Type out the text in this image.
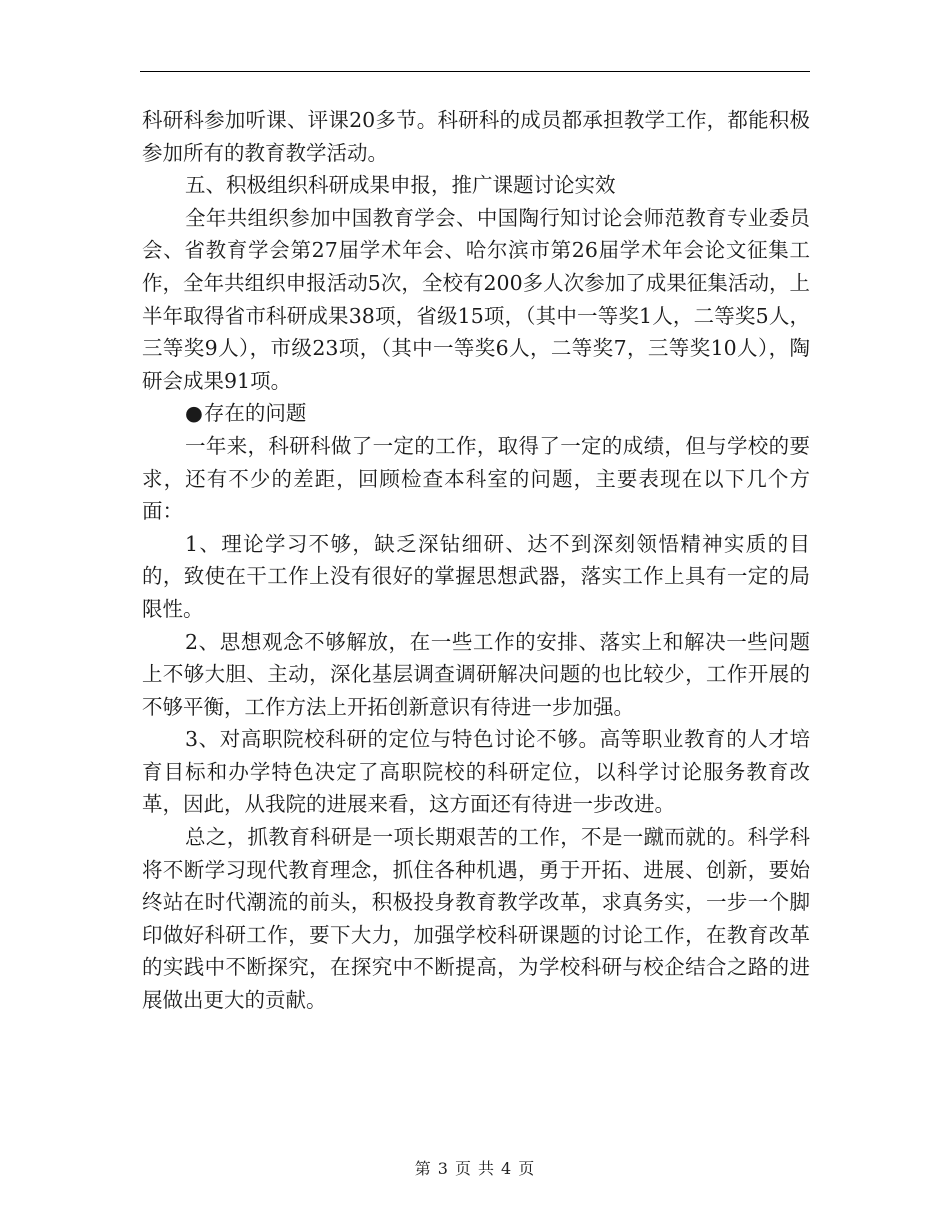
科研科参加听课、评课20多节。科研科的成员都承担教学工作，都能积极参加所有的教育教学活动。

五、积极组织科研成果申报，推广课题讨论实效

全年共组织参加中国教育学会、中国陶行知讨论会师范教育专业委员会、省教育学会第27届学术年会、哈尔滨市第26届学术年会论文征集工作，全年共组织申报活动5次，全校有200多人次参加了成果征集活动，上半年取得省市科研成果38项，省级15项，（其中一等奖1人，二等奖5人，三等奖9人），市级23项，（其中一等奖6人，二等奖7，三等奖10人），陶研会成果91项。

●存在的问题

一年来，科研科做了一定的工作，取得了一定的成绩，但与学校的要求，还有不少的差距，回顾检查本科室的问题，主要表现在以下几个方面：

1、理论学习不够，缺乏深钻细研、达不到深刻领悟精神实质的目的，致使在干工作上没有很好的掌握思想武器，落实工作上具有一定的局限性。

2、思想观念不够解放，在一些工作的安排、落实上和解决一些问题上不够大胆、主动，深化基层调查调研解决问题的也比较少，工作开展的不够平衡，工作方法上开拓创新意识有待进一步加强。

3、对高职院校科研的定位与特色讨论不够。高等职业教育的人才培育目标和办学特色决定了高职院校的科研定位，以科学讨论服务教育改革，因此，从我院的进展来看，这方面还有待进一步改进。

总之，抓教育科研是一项长期艰苦的工作，不是一蹴而就的。科学科将不断学习现代教育理念，抓住各种机遇，勇于开拓、进展、创新，要始终站在时代潮流的前头，积极投身教育教学改革，求真务实，一步一个脚印做好科研工作，要下大力，加强学校科研课题的讨论工作，在教育改革的实践中不断探究，在探究中不断提高，为学校科研与校企结合之路的进展做出更大的贡献。

第 3 页 共 4 页
